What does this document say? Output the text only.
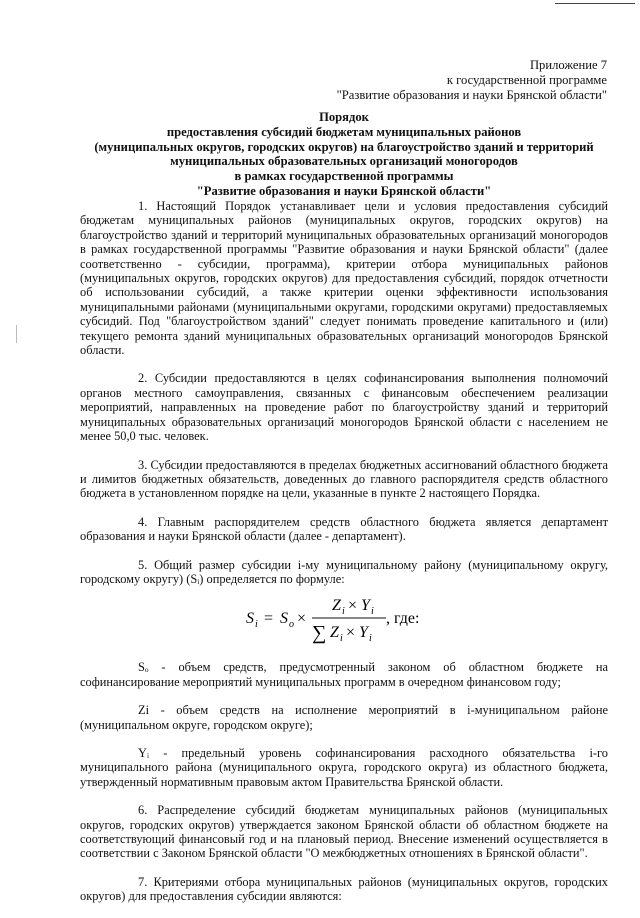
Приложение 7
к государственной программе
"Развитие образования и науки Брянской области"
Порядок
предоставления субсидий бюджетам муниципальных районов
(муниципальных округов, городских округов) на благоустройство зданий и территорий
муниципальных образовательных организаций моногородов
в рамках государственной программы
"Развитие образования и науки Брянской области"

1. Настоящий Порядок устанавливает цели и условия предоставления субсидий бюджетам муниципальных районов (муниципальных округов, городских округов) на благоустройство зданий и территорий муниципальных образовательных организаций моногородов в рамках государственной программы "Развитие образования и науки Брянской области" (далее соответственно - субсидии, программа), критерии отбора муниципальных районов (муниципальных округов, городских округов) для предоставления субсидий, порядок отчетности об использовании субсидий, а также критерии оценки эффективности использования муниципальными районами (муниципальными округами, городскими округами) предоставляемых субсидий. Под "благоустройством зданий" следует понимать проведение капитального и (или) текущего ремонта зданий муниципальных образовательных организаций моногородов Брянской области.

2. Субсидии предоставляются в целях софинансирования выполнения полномочий органов местного самоуправления, связанных с финансовым обеспечением реализации мероприятий, направленных на проведение работ по благоустройству зданий и территорий муниципальных образовательных организаций моногородов Брянской области с населением не менее 50,0 тыс. человек.

3. Субсидии предоставляются в пределах бюджетных ассигнований областного бюджета и лимитов бюджетных обязательств, доведенных до главного распорядителя средств областного бюджета в установленном порядке на цели, указанные в пункте 2 настоящего Порядка.

4. Главным распорядителем средств областного бюджета является департамент образования и науки Брянской области (далее - департамент).

5. Общий размер субсидии i-му муниципальному району (муниципальному округу, городскому округу) (Sᵢ) определяется по формуле:

S i = S o ×
Z i × Y i
∑ Z i × Y i
, где:

Sₒ - объем средств, предусмотренный законом об областном бюджете на софинансирование мероприятий муниципальных программ в очередном финансовом году;

Zi - объем средств на исполнение мероприятий в i-муниципальном районе (муниципальном округе, городском округе);

Yᵢ - предельный уровень софинансирования расходного обязательства i-го муниципального района (муниципального округа, городского округа) из областного бюджета, утвержденный нормативным правовым актом Правительства Брянской области.

6. Распределение субсидий бюджетам муниципальных районов (муниципальных округов, городских округов) утверждается законом Брянской области об областном бюджете на соответствующий финансовый год и на плановый период. Внесение изменений осуществляется в соответствии с Законом Брянской области "О межбюджетных отношениях в Брянской области".

7. Критериями отбора муниципальных районов (муниципальных округов, городских округов) для предоставления субсидии являются:
